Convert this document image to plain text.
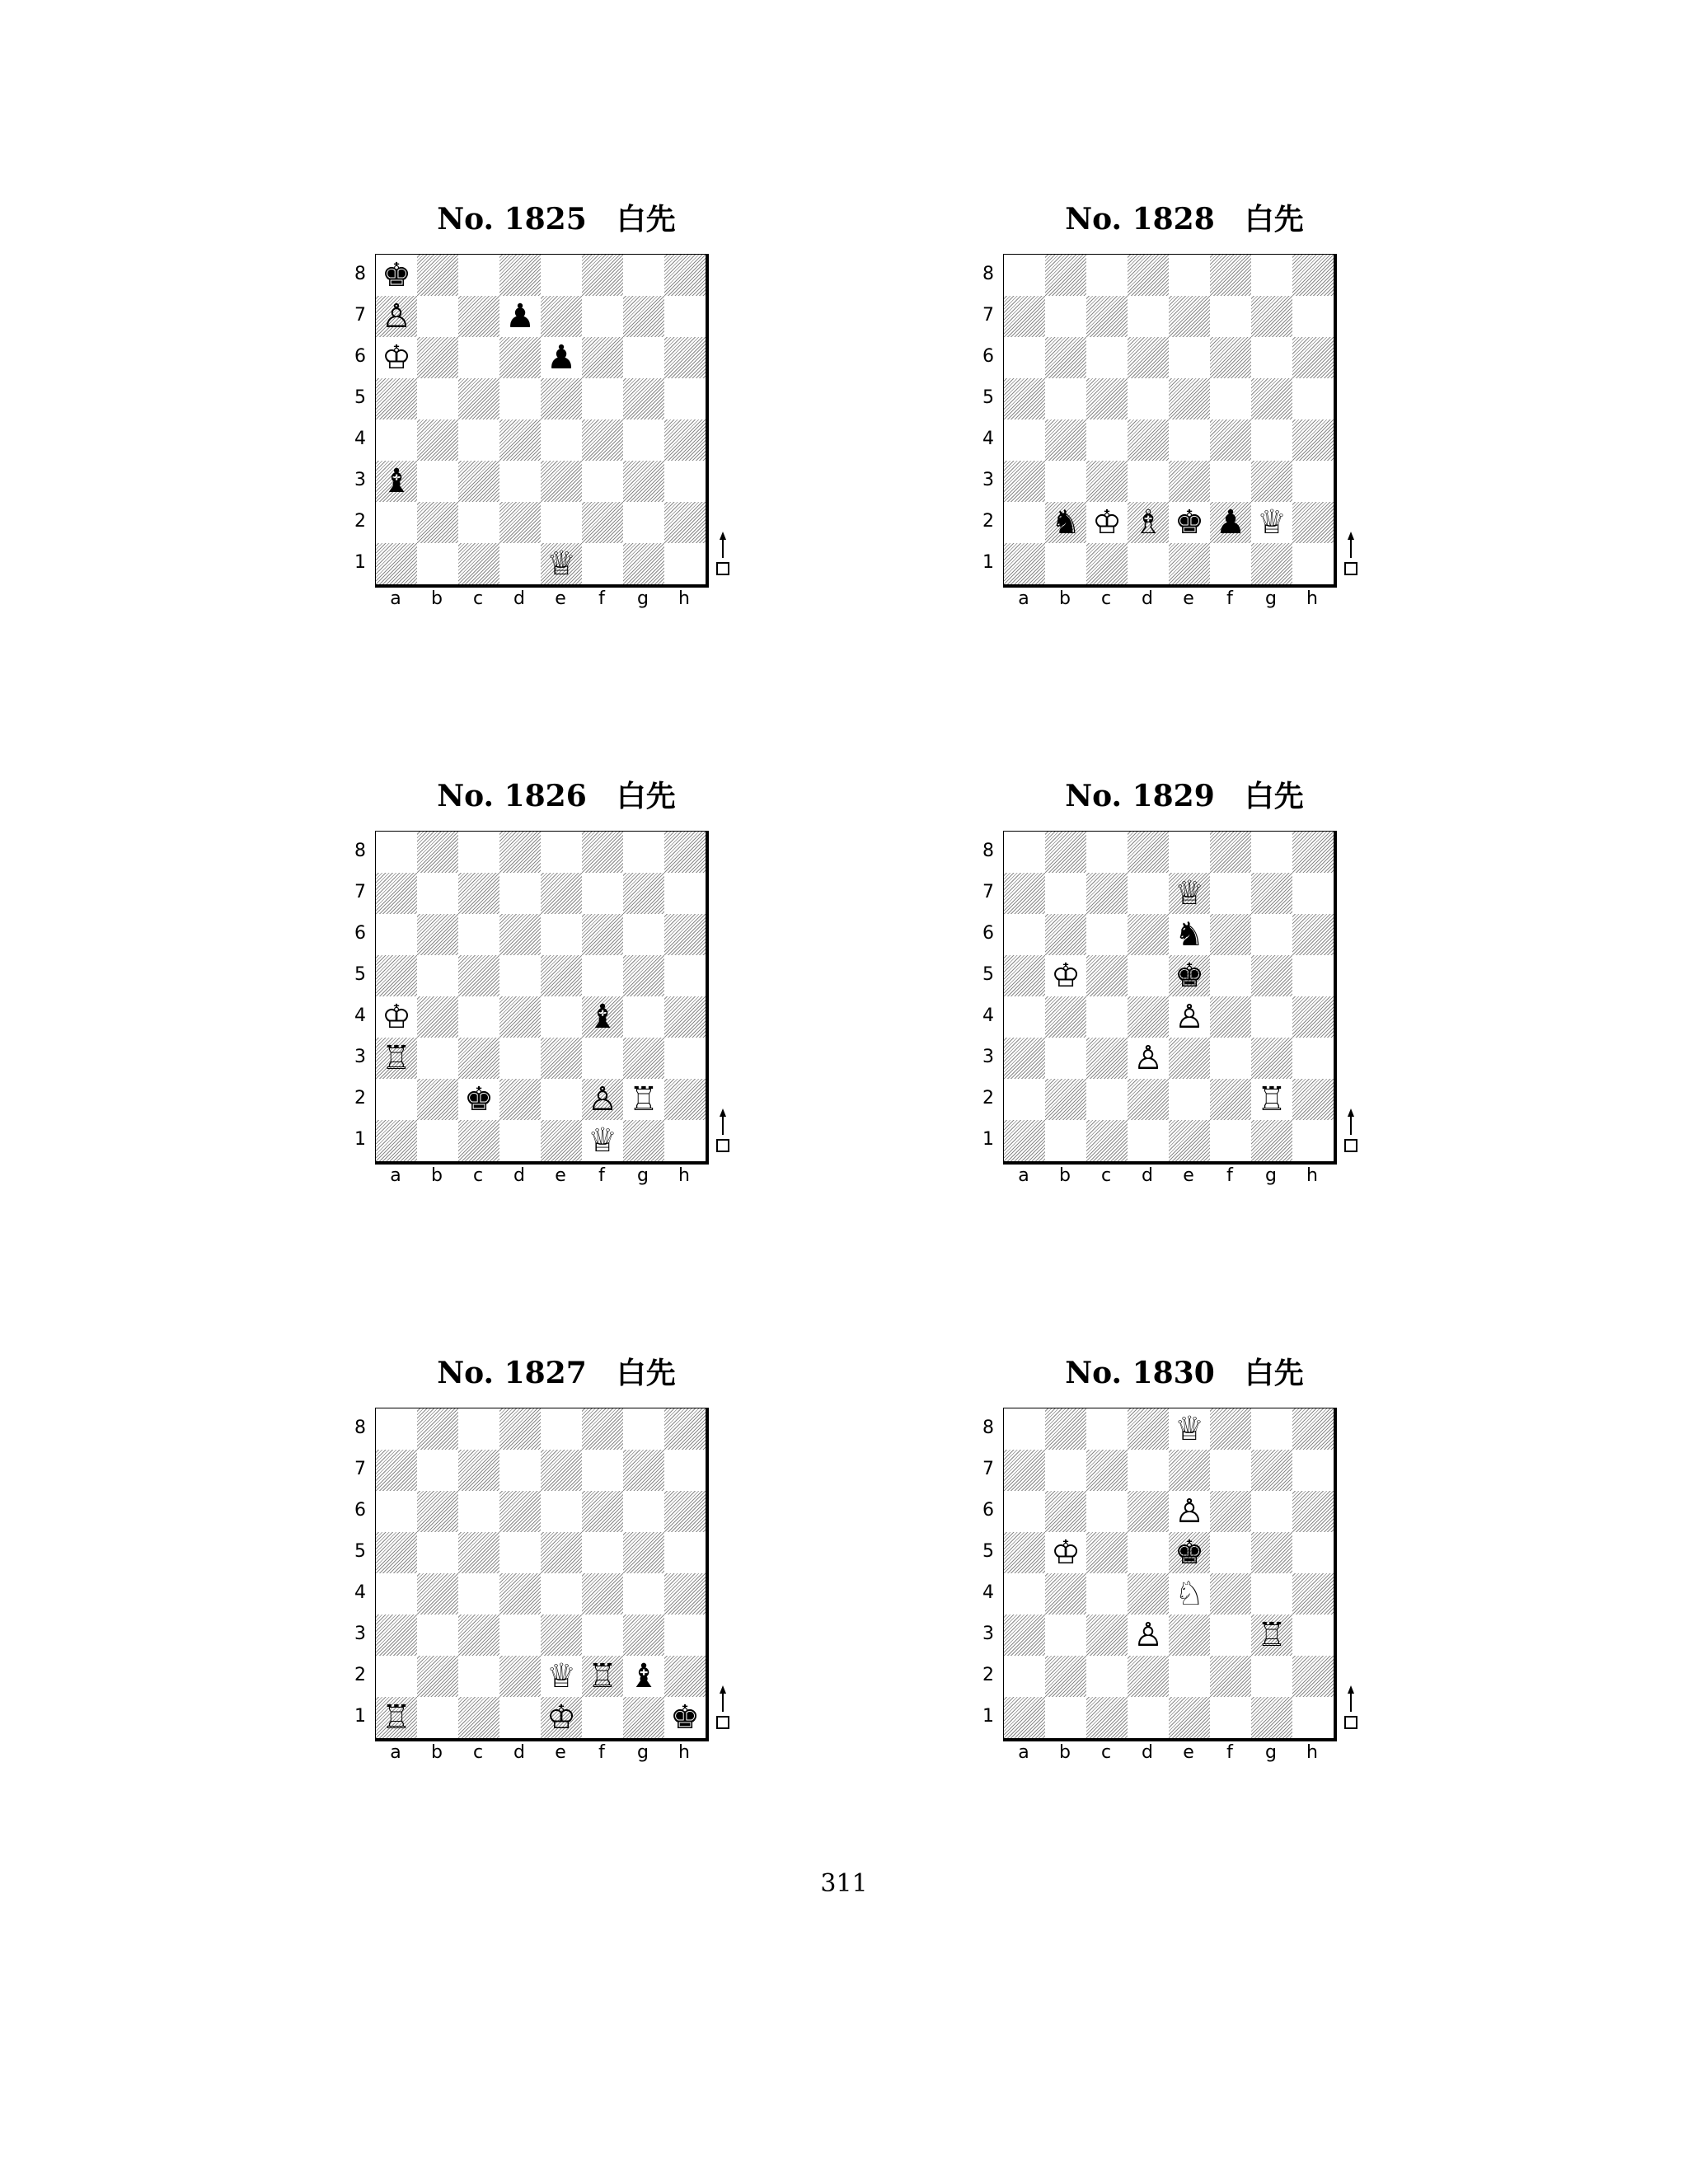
No. 1825　白先
♚
♙	♟
♔	♟
♝
♕
8
7
6
5
4
3
2
1
a	b	c	d	e	f	g	h
No. 1828　白先
♞ ♔ ♗ ♚ ♟ ♕
8
7
6
5
4
3
2
1
a	b	c	d	e	f	g	h
No. 1826　白先
♔	♝
♖
♚	♙ ♖
♕
8
7
6
5
4
3
2
1
a	b	c	d	e	f	g	h
No. 1829　白先
♕
♞
♔	♚
♙
♙
♖
8
7
6
5
4
3
2
1
a	b	c	d	e	f	g	h
No. 1827　白先
♕ ♖ ♝
♖	♔	♚
8
7
6
5
4
3
2
1
a	b	c	d	e	f	g	h
No. 1830　白先
♕
♙
♔	♚
♘
♙	♖
8
7
6
5
4
3
2
1
a	b	c	d	e	f	g	h
311
